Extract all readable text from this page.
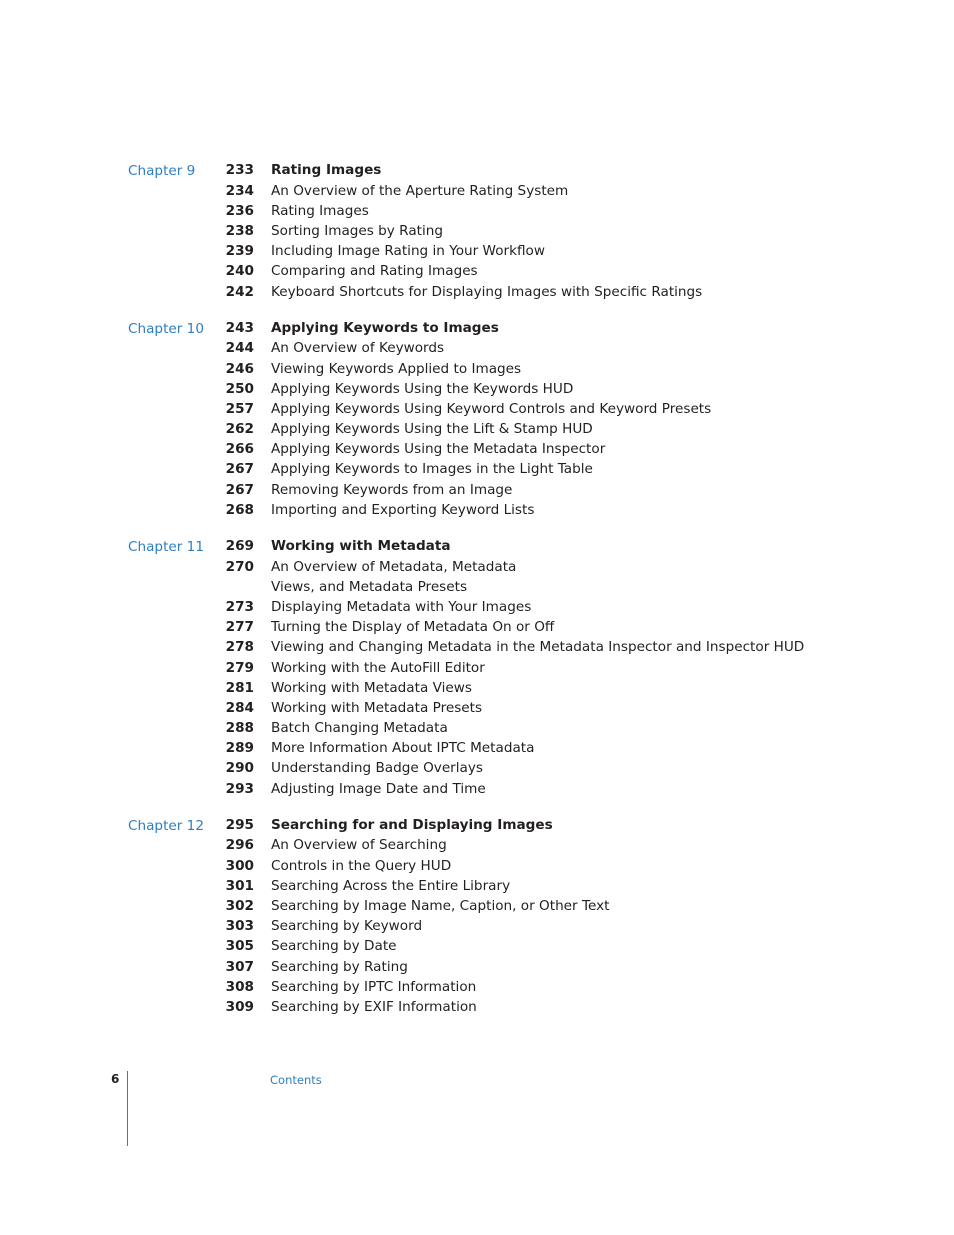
Chapter 9	233 Rating Images
234 An Overview of the Aperture Rating System
236 Rating Images
238 Sorting Images by Rating
239 Including Image Rating in Your Workflow
240 Comparing and Rating Images
242 Keyboard Shortcuts for Displaying Images with Specific Ratings
Chapter 10	243 Applying Keywords to Images
244 An Overview of Keywords
246 Viewing Keywords Applied to Images
250 Applying Keywords Using the Keywords HUD
257 Applying Keywords Using Keyword Controls and Keyword Presets
262 Applying Keywords Using the Lift & Stamp HUD
266 Applying Keywords Using the Metadata Inspector
267 Applying Keywords to Images in the Light Table
267 Removing Keywords from an Image
268 Importing and Exporting Keyword Lists
Chapter 11	269 Working with Metadata
270 An Overview of Metadata, Metadata Views, and Metadata Presets
273 Displaying Metadata with Your Images
277 Turning the Display of Metadata On or Off
278 Viewing and Changing Metadata in the Metadata Inspector and Inspector HUD
279 Working with the AutoFill Editor
281 Working with Metadata Views
284 Working with Metadata Presets
288 Batch Changing Metadata
289 More Information About IPTC Metadata
290 Understanding Badge Overlays
293 Adjusting Image Date and Time
Chapter 12	295 Searching for and Displaying Images
296 An Overview of Searching
300 Controls in the Query HUD
301 Searching Across the Entire Library
302 Searching by Image Name, Caption, or Other Text
303 Searching by Keyword
305 Searching by Date
307 Searching by Rating
308 Searching by IPTC Information
309 Searching by EXIF Information
6	Contents
